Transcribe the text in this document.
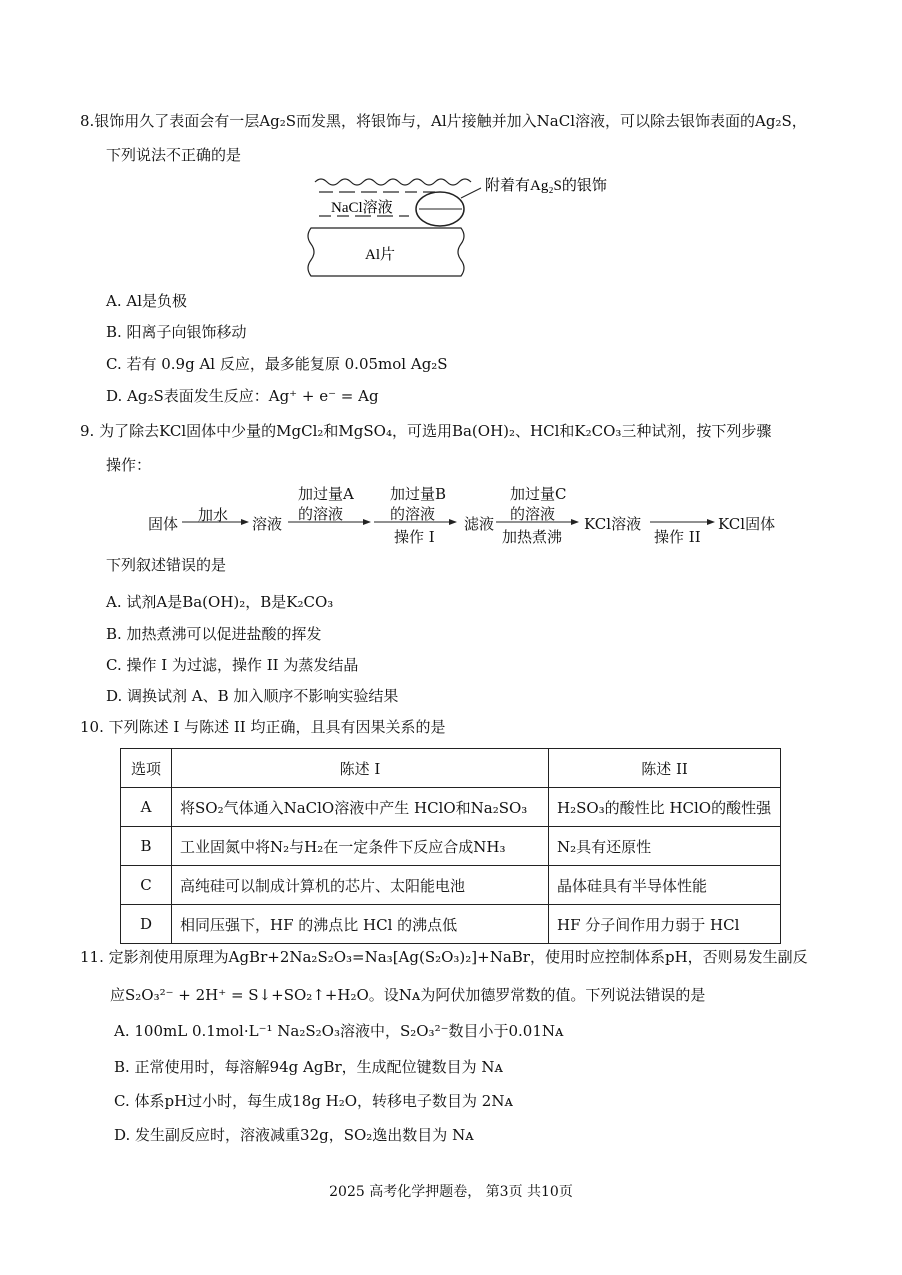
8.银饰用久了表面会有一层Ag₂S而发黑，将银饰与，Al片接触并加入NaCl溶液，可以除去银饰表面的Ag₂S，
下列说法不正确的是
NaCl溶液
Al片
附着有Ag₂S的银饰
A. Al是负极
B. 阳离子向银饰移动
C. 若有 0.9g Al 反应，最多能复原 0.05mol Ag₂S
D. Ag₂S表面发生反应：Ag⁺ + e⁻ = Ag
9. 为了除去KCl固体中少量的MgCl₂和MgSO₄，可选用Ba(OH)₂、HCl和K₂CO₃三种试剂，按下列步骤
操作：
固体 加水 溶液
加过量A
的溶液
加过量B
的溶液
操作 I
滤液
加过量C
的溶液
加热煮沸
KCl溶液
操作 II
KCl固体
下列叙述错误的是
A. 试剂A是Ba(OH)₂，B是K₂CO₃
B. 加热煮沸可以促进盐酸的挥发
C. 操作 I 为过滤，操作 II 为蒸发结晶
D. 调换试剂 A、B 加入顺序不影响实验结果
10. 下列陈述 I 与陈述 II 均正确，且具有因果关系的是
选项	陈述 I	陈述 II
A	将SO₂气体通入NaClO溶液中产生 HClO和Na₂SO₃	H₂SO₃的酸性比 HClO的酸性强
B	工业固氮中将N₂与H₂在一定条件下反应合成NH₃	N₂具有还原性
C	高纯硅可以制成计算机的芯片、太阳能电池	晶体硅具有半导体性能
D	相同压强下，HF 的沸点比 HCl 的沸点低	HF 分子间作用力弱于 HCl
11. 定影剂使用原理为AgBr+2Na₂S₂O₃=Na₃[Ag(S₂O₃)₂]+NaBr，使用时应控制体系pH，否则易发生副反
应S₂O₃²⁻ + 2H⁺ = S↓+SO₂↑+H₂O。设Nᴀ为阿伏加德罗常数的值。下列说法错误的是
A. 100mL 0.1mol·L⁻¹ Na₂S₂O₃溶液中，S₂O₃²⁻数目小于0.01Nᴀ
B. 正常使用时，每溶解94g AgBr，生成配位键数目为 Nᴀ
C. 体系pH过小时，每生成18g H₂O，转移电子数目为 2Nᴀ
D. 发生副反应时，溶液减重32g，SO₂逸出数目为 Nᴀ
2025 高考化学押题卷， 第3页 共10页
